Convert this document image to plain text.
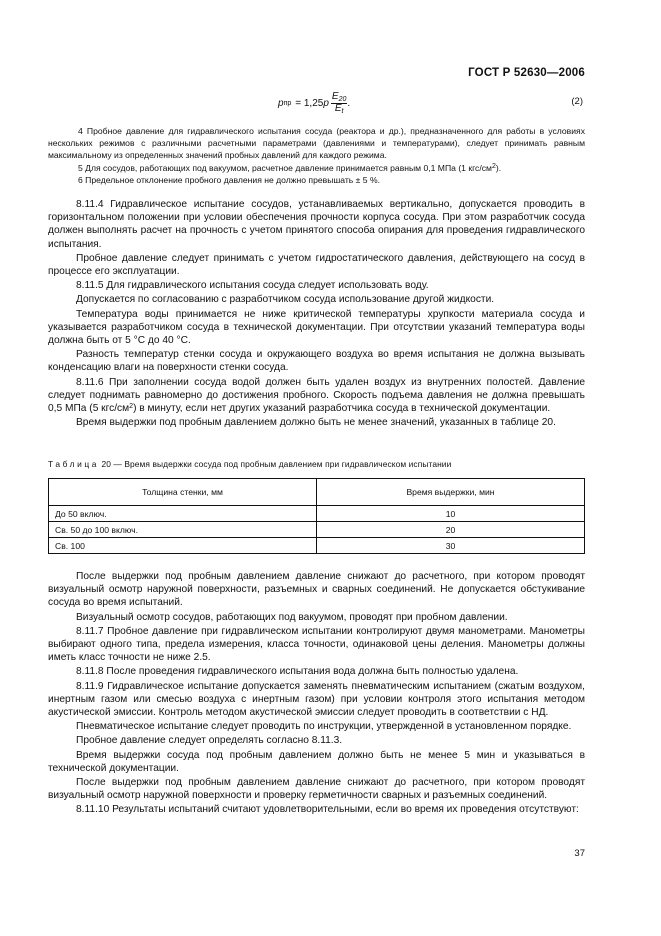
ГОСТ Р 52630—2006
p пр = 1,25 p $\frac{E_{20}}{E_t}$ .	(2)

4 Пробное давление для гидравлического испытания сосуда (реактора и др.), предназначенного для работы в условиях нескольких режимов с различными расчетными параметрами (давлениями и температурами), следует принимать равным максимальному из определенных значений пробных давлений для каждого режима.

5 Для сосудов, работающих под вакуумом, расчетное давление принимается равным 0,1 МПа (1 кгс/$см^2$).

6 Предельное отклонение пробного давления не должно превышать ± 5 %.

8.11.4 Гидравлическое испытание сосудов, устанавливаемых вертикально, допускается проводить в горизонтальном положении при условии обеспечения прочности корпуса сосуда. При этом разработчик сосуда должен выполнять расчет на прочность с учетом принятого способа опирания для проведения гидравлического испытания.

Пробное давление следует принимать с учетом гидростатического давления, действующего на сосуд в процессе его эксплуатации.

8.11.5 Для гидравлического испытания сосуда следует использовать воду.

Допускается по согласованию с разработчиком сосуда использование другой жидкости.

Температура воды принимается не ниже критической температуры хрупкости материала сосуда и указывается разработчиком сосуда в технической документации. При отсутствии указаний температура воды должна быть от 5 °С до 40 °С.

Разность температур стенки сосуда и окружающего воздуха во время испытания не должна вызывать конденсацию влаги на поверхности стенки сосуда.

8.11.6 При заполнении сосуда водой должен быть удален воздух из внутренних полостей. Давление следует поднимать равномерно до достижения пробного. Скорость подъема давления не должна превышать 0,5 МПа (5 кгс/$см^2$) в минуту, если нет других указаний разработчика сосуда в технической документации.

Время выдержки под пробным давлением должно быть не менее значений, указанных в таблице 20.

Таблица 20 — Время выдержки сосуда под пробным давлением при гидравлическом испытании
Толщина стенки, мм	Время выдержки, мин
До 50 включ.	10
Св. 50 до 100 включ.	20
Св. 100	30

После выдержки под пробным давлением давление снижают до расчетного, при котором проводят визуальный осмотр наружной поверхности, разъемных и сварных соединений. Не допускается обстукивание сосуда во время испытаний.

Визуальный осмотр сосудов, работающих под вакуумом, проводят при пробном давлении.

8.11.7 Пробное давление при гидравлическом испытании контролируют двумя манометрами. Манометры выбирают одного типа, предела измерения, класса точности, одинаковой цены деления. Манометры должны иметь класс точности не ниже 2.5.

8.11.8 После проведения гидравлического испытания вода должна быть полностью удалена.

8.11.9 Гидравлическое испытание допускается заменять пневматическим испытанием (сжатым воздухом, инертным газом или смесью воздуха с инертным газом) при условии контроля этого испытания методом акустической эмиссии. Контроль методом акустической эмиссии следует проводить в соответствии с НД.

Пневматическое испытание следует проводить по инструкции, утвержденной в установленном порядке.

Пробное давление следует определять согласно 8.11.3.

Время выдержки сосуда под пробным давлением должно быть не менее 5 мин и указываться в технической документации.

После выдержки под пробным давлением давление снижают до расчетного, при котором проводят визуальный осмотр наружной поверхности и проверку герметичности сварных и разъемных соединений.

8.11.10 Результаты испытаний считают удовлетворительными, если во время их проведения отсутствуют:

37
